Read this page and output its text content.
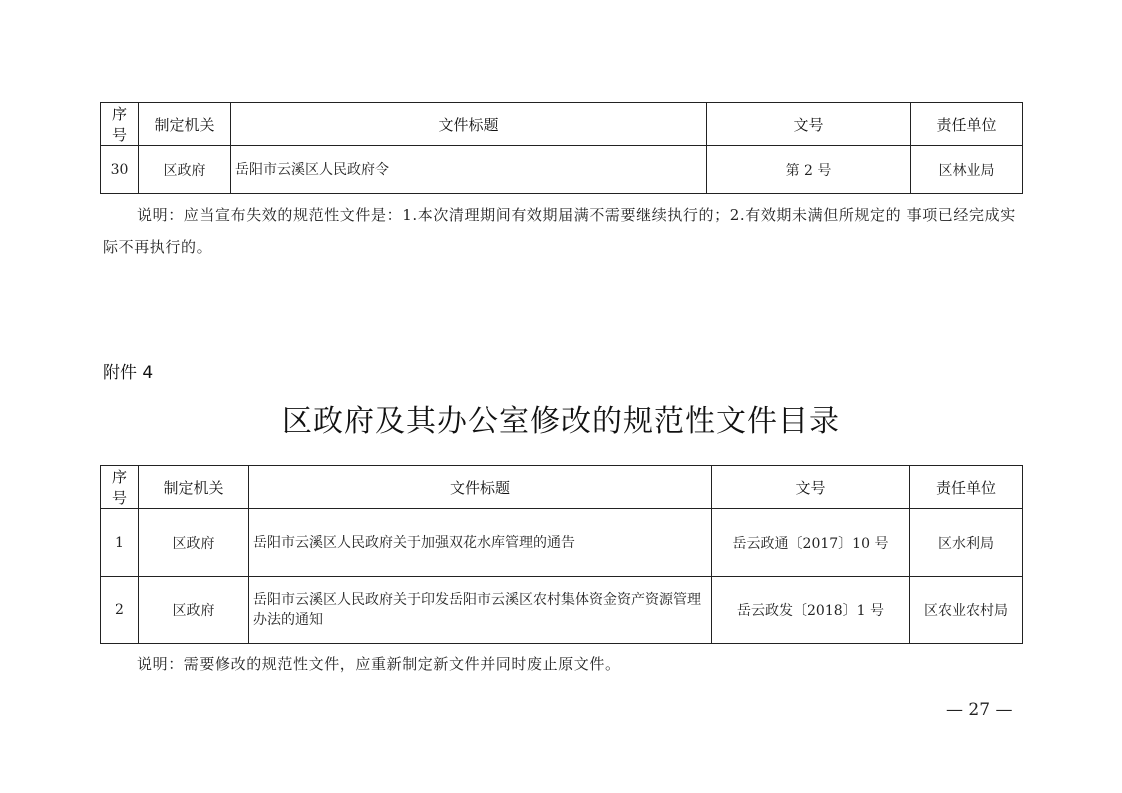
序号	制定机关	文件标题	文号	责任单位
30	区政府	岳阳市云溪区人民政府令	第 2 号	区林业局
说明：应当宣布失效的规范性文件是：1.本次清理期间有效期届满不需要继续执行的；2.有效期未满但所规定的 事项已经完成实际不再执行的。
附件 4
区政府及其办公室修改的规范性文件目录
序号	制定机关	文件标题	文号	责任单位
1	区政府	岳阳市云溪区人民政府关于加强双花水库管理的通告	岳云政通〔2017〕10 号	区水利局
2	区政府	岳阳市云溪区人民政府关于印发岳阳市云溪区农村集体资金资产资源管理办法的通知	岳云政发〔2018〕1 号	区农业农村局
说明：需要修改的规范性文件，应重新制定新文件并同时废止原文件。
— 27 —
